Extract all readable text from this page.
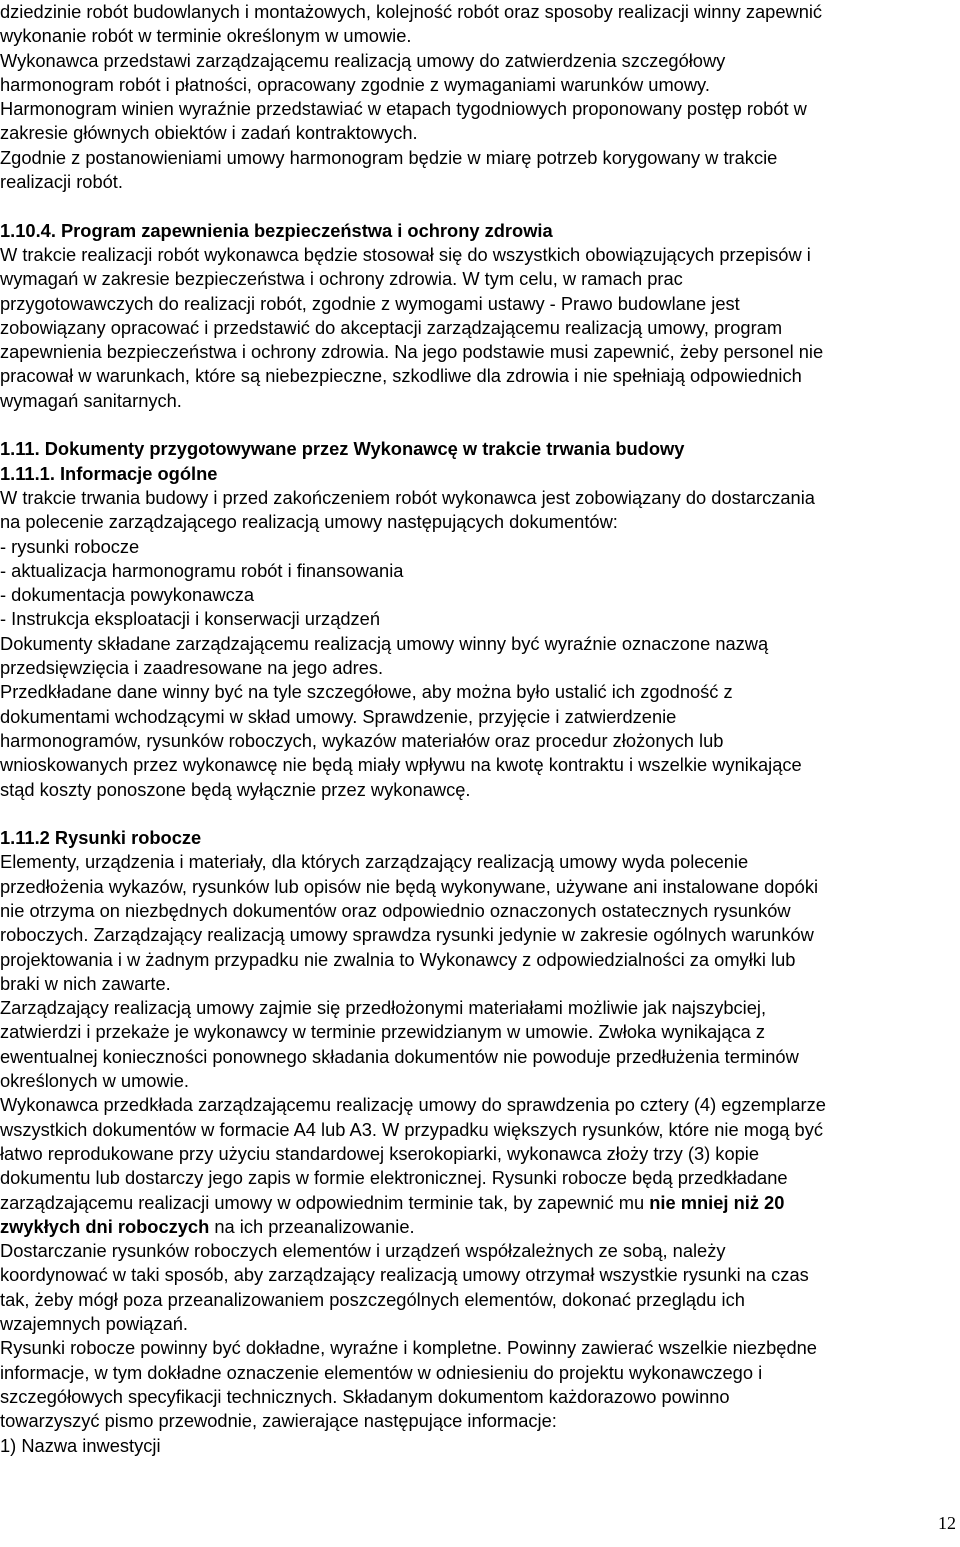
dziedzinie robót budowlanych i montażowych, kolejność robót oraz sposoby realizacji winny zapewnić
wykonanie robót w terminie określonym w umowie.
Wykonawca przedstawi zarządzającemu realizacją umowy do zatwierdzenia szczegółowy
harmonogram robót i płatności, opracowany zgodnie z wymaganiami warunków umowy.
Harmonogram winien wyraźnie przedstawiać w etapach tygodniowych proponowany postęp robót w
zakresie głównych obiektów i zadań kontraktowych.
Zgodnie z postanowieniami umowy harmonogram będzie w miarę potrzeb korygowany w trakcie
realizacji robót.
1.10.4. Program zapewnienia bezpieczeństwa i ochrony zdrowia
W trakcie realizacji robót wykonawca będzie stosował się do wszystkich obowiązujących przepisów i
wymagań w zakresie bezpieczeństwa i ochrony zdrowia. W tym celu, w ramach prac
przygotowawczych do realizacji robót, zgodnie z wymogami ustawy - Prawo budowlane jest
zobowiązany opracować i przedstawić do akceptacji zarządzającemu realizacją umowy, program
zapewnienia bezpieczeństwa i ochrony zdrowia. Na jego podstawie musi zapewnić, żeby personel nie
pracował w warunkach, które są niebezpieczne, szkodliwe dla zdrowia i nie spełniają odpowiednich
wymagań sanitarnych.
1.11. Dokumenty przygotowywane przez Wykonawcę w trakcie trwania budowy
1.11.1. Informacje ogólne
W trakcie trwania budowy i przed zakończeniem robót wykonawca jest zobowiązany do dostarczania
na polecenie zarządzającego realizacją umowy następujących dokumentów:
- rysunki robocze
- aktualizacja harmonogramu robót i finansowania
- dokumentacja powykonawcza
- Instrukcja eksploatacji i konserwacji urządzeń
Dokumenty składane zarządzającemu realizacją umowy winny być wyraźnie oznaczone nazwą
przedsięwzięcia i zaadresowane na jego adres.
Przedkładane dane winny być na tyle szczegółowe, aby można było ustalić ich zgodność z
dokumentami wchodzącymi w skład umowy. Sprawdzenie, przyjęcie i zatwierdzenie
harmonogramów, rysunków roboczych, wykazów materiałów oraz procedur złożonych lub
wnioskowanych przez wykonawcę nie będą miały wpływu na kwotę kontraktu i wszelkie wynikające
stąd koszty ponoszone będą wyłącznie przez wykonawcę.
1.11.2 Rysunki robocze
Elementy, urządzenia i materiały, dla których zarządzający realizacją umowy wyda polecenie
przedłożenia wykazów, rysunków lub opisów nie będą wykonywane, używane ani instalowane dopóki
nie otrzyma on niezbędnych dokumentów oraz odpowiednio oznaczonych ostatecznych rysunków
roboczych. Zarządzający realizacją umowy sprawdza rysunki jedynie w zakresie ogólnych warunków
projektowania i w żadnym przypadku nie zwalnia to Wykonawcy z odpowiedzialności za omyłki lub
braki w nich zawarte.
Zarządzający realizacją umowy zajmie się przedłożonymi materiałami możliwie jak najszybciej,
zatwierdzi i przekaże je wykonawcy w terminie przewidzianym w umowie. Zwłoka wynikająca z
ewentualnej konieczności ponownego składania dokumentów nie powoduje przedłużenia terminów
określonych w umowie.
Wykonawca przedkłada zarządzającemu realizację umowy do sprawdzenia po cztery (4) egzemplarze
wszystkich dokumentów w formacie A4 lub A3. W przypadku większych rysunków, które nie mogą być
łatwo reprodukowane przy użyciu standardowej kserokopiarki, wykonawca złoży trzy (3) kopie
dokumentu lub dostarczy jego zapis w formie elektronicznej. Rysunki robocze będą przedkładane
zarządzającemu realizacji umowy w odpowiednim terminie tak, by zapewnić mu nie mniej niż 20
zwykłych dni roboczych na ich przeanalizowanie.
Dostarczanie rysunków roboczych elementów i urządzeń współzależnych ze sobą, należy
koordynować w taki sposób, aby zarządzający realizacją umowy otrzymał wszystkie rysunki na czas
tak, żeby mógł poza przeanalizowaniem poszczególnych elementów, dokonać przeglądu ich
wzajemnych powiązań.
Rysunki robocze powinny być dokładne, wyraźne i kompletne. Powinny zawierać wszelkie niezbędne
informacje, w tym dokładne oznaczenie elementów w odniesieniu do projektu wykonawczego i
szczegółowych specyfikacji technicznych. Składanym dokumentom każdorazowo powinno
towarzyszyć pismo przewodnie, zawierające następujące informacje:
1) Nazwa inwestycji
12
